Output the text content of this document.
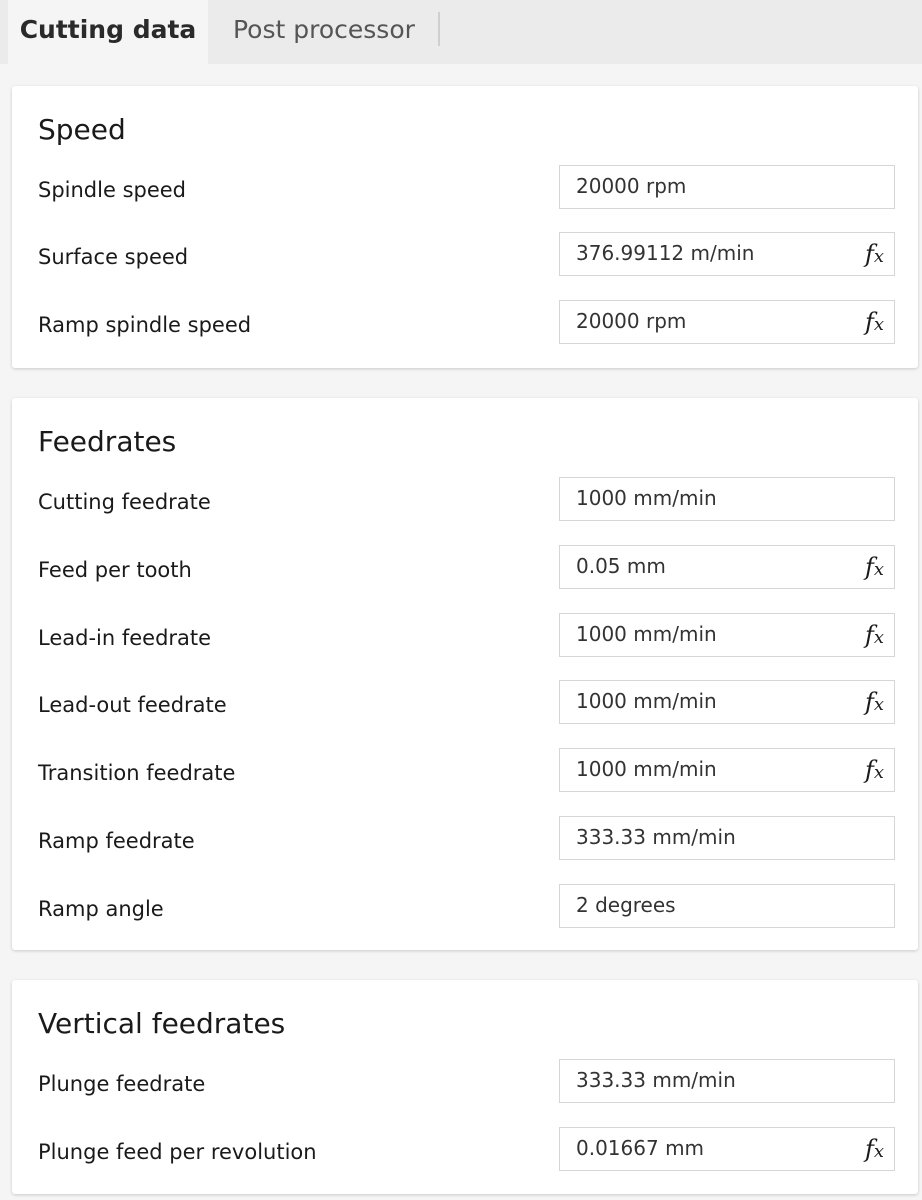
Cutting data	Post processor
Speed
Spindle speed	20000 rpm
Surface speed	376.99112 m/min	fx
Ramp spindle speed	20000 rpm	fx
Feedrates
Cutting feedrate	1000 mm/min
Feed per tooth	0.05 mm	fx
Lead-in feedrate	1000 mm/min	fx
Lead-out feedrate	1000 mm/min	fx
Transition feedrate	1000 mm/min	fx
Ramp feedrate	333.33 mm/min
Ramp angle	2 degrees
Vertical feedrates
Plunge feedrate	333.33 mm/min
Plunge feed per revolution	0.01667 mm	fx
